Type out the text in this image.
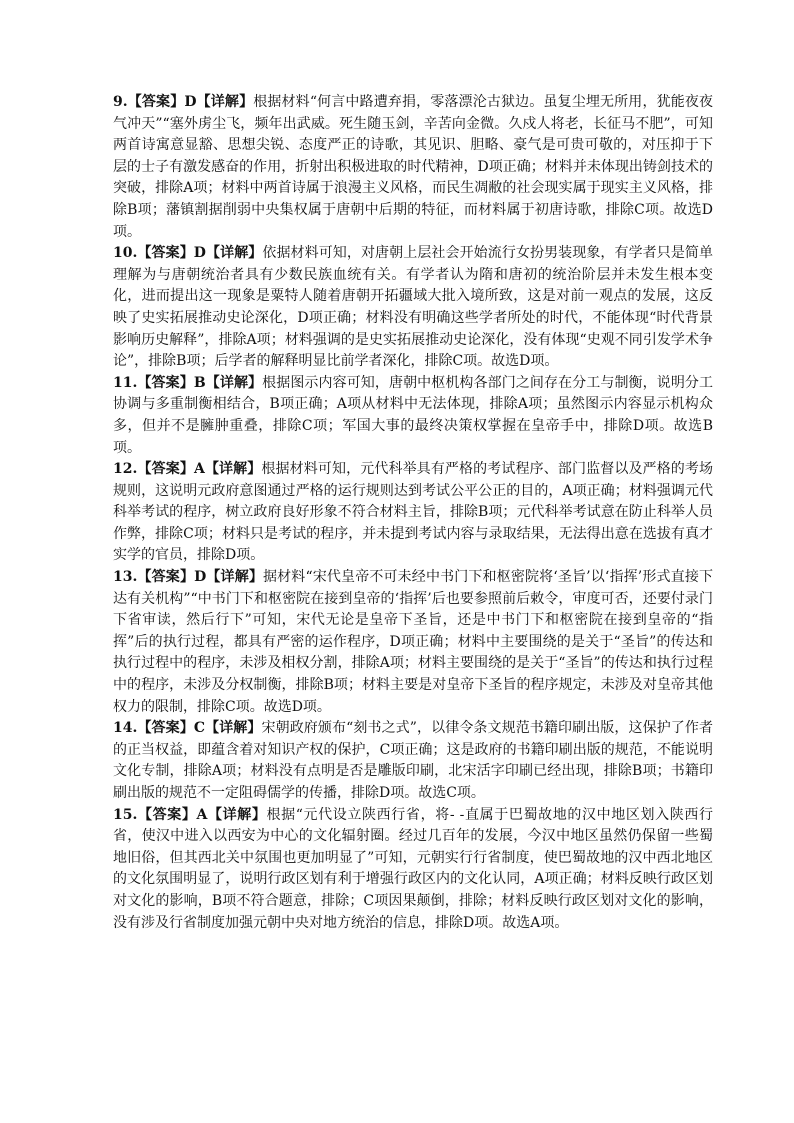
9.【答案】D【详解】根据材料“何言中路遭弃捐，零落漂沦古狱边。虽复尘埋无所用，犹能夜夜气冲天”“塞外虏尘飞，频年出武威。死生随玉剑，辛苦向金微。久戍人将老，长征马不肥”，可知两首诗寓意显豁、思想尖锐、态度严正的诗歌，其见识、胆略、豪气是可贵可敬的，对压抑于下层的士子有激发感奋的作用，折射出积极进取的时代精神，D项正确；材料并未体现出铸剑技术的突破，排除A项；材料中两首诗属于浪漫主义风格，而民生凋敝的社会现实属于现实主义风格，排除B项；藩镇割据削弱中央集权属于唐朝中后期的特征，而材料属于初唐诗歌，排除C项。故选D项。

10.【答案】D【详解】依据材料可知，对唐朝上层社会开始流行女扮男装现象，有学者只是简单理解为与唐朝统治者具有少数民族血统有关。有学者认为隋和唐初的统治阶层并未发生根本变化，进而提出这一现象是粟特人随着唐朝开拓疆域大批入境所致，这是对前一观点的发展，这反映了史实拓展推动史论深化，D项正确；材料没有明确这些学者所处的时代，不能体现“时代背景影响历史解释”，排除A项；材料强调的是史实拓展推动史论深化，没有体现“史观不同引发学术争论”，排除B项；后学者的解释明显比前学者深化，排除C项。故选D项。

11.【答案】B【详解】根据图示内容可知，唐朝中枢机构各部门之间存在分工与制衡，说明分工协调与多重制衡相结合，B项正确；A项从材料中无法体现，排除A项；虽然图示内容显示机构众多，但并不是臃肿重叠，排除C项；军国大事的最终决策权掌握在皇帝手中，排除D项。故选B项。

12.【答案】A【详解】根据材料可知，元代科举具有严格的考试程序、部门监督以及严格的考场规则，这说明元政府意图通过严格的运行规则达到考试公平公正的目的，A项正确；材料强调元代科举考试的程序，树立政府良好形象不符合材料主旨，排除B项；元代科举考试意在防止科举人员作弊，排除C项；材料只是考试的程序，并未提到考试内容与录取结果，无法得出意在选拔有真才实学的官员，排除D项。

13.【答案】D【详解】据材料“宋代皇帝不可未经中书门下和枢密院将‘圣旨’以‘指挥’形式直接下达有关机构”“中书门下和枢密院在接到皇帝的‘指挥’后也要参照前后敕令，审度可否，还要付录门下省审读，然后行下”可知，宋代无论是皇帝下圣旨，还是中书门下和枢密院在接到皇帝的“指挥”后的执行过程，都具有严密的运作程序，D项正确；材料中主要围绕的是关于“圣旨”的传达和执行过程中的程序，未涉及相权分割，排除A项；材料主要围绕的是关于“圣旨”的传达和执行过程中的程序，未涉及分权制衡，排除B项；材料主要是对皇帝下圣旨的程序规定，未涉及对皇帝其他权力的限制，排除C项。故选D项。

14.【答案】C【详解】宋朝政府颁布“刻书之式”，以律令条文规范书籍印刷出版，这保护了作者的正当权益，即蕴含着对知识产权的保护，C项正确；这是政府的书籍印刷出版的规范，不能说明文化专制，排除A项；材料没有点明是否是雕版印刷，北宋活字印刷已经出现，排除B项；书籍印刷出版的规范不一定阻碍儒学的传播，排除D项。故选C项。

15.【答案】A【详解】根据“元代设立陕西行省，将- -直属于巴蜀故地的汉中地区划入陕西行省，使汉中进入以西安为中心的文化辐射圈。经过几百年的发展，今汉中地区虽然仍保留一些蜀地旧俗，但其西北关中氛围也更加明显了”可知，元朝实行行省制度，使巴蜀故地的汉中西北地区的文化氛围明显了，说明行政区划有利于增强行政区内的文化认同，A项正确；材料反映行政区划对文化的影响，B项不符合题意，排除；C项因果颠倒，排除；材料反映行政区划对文化的影响，没有涉及行省制度加强元朝中央对地方统治的信息，排除D项。故选A项。
